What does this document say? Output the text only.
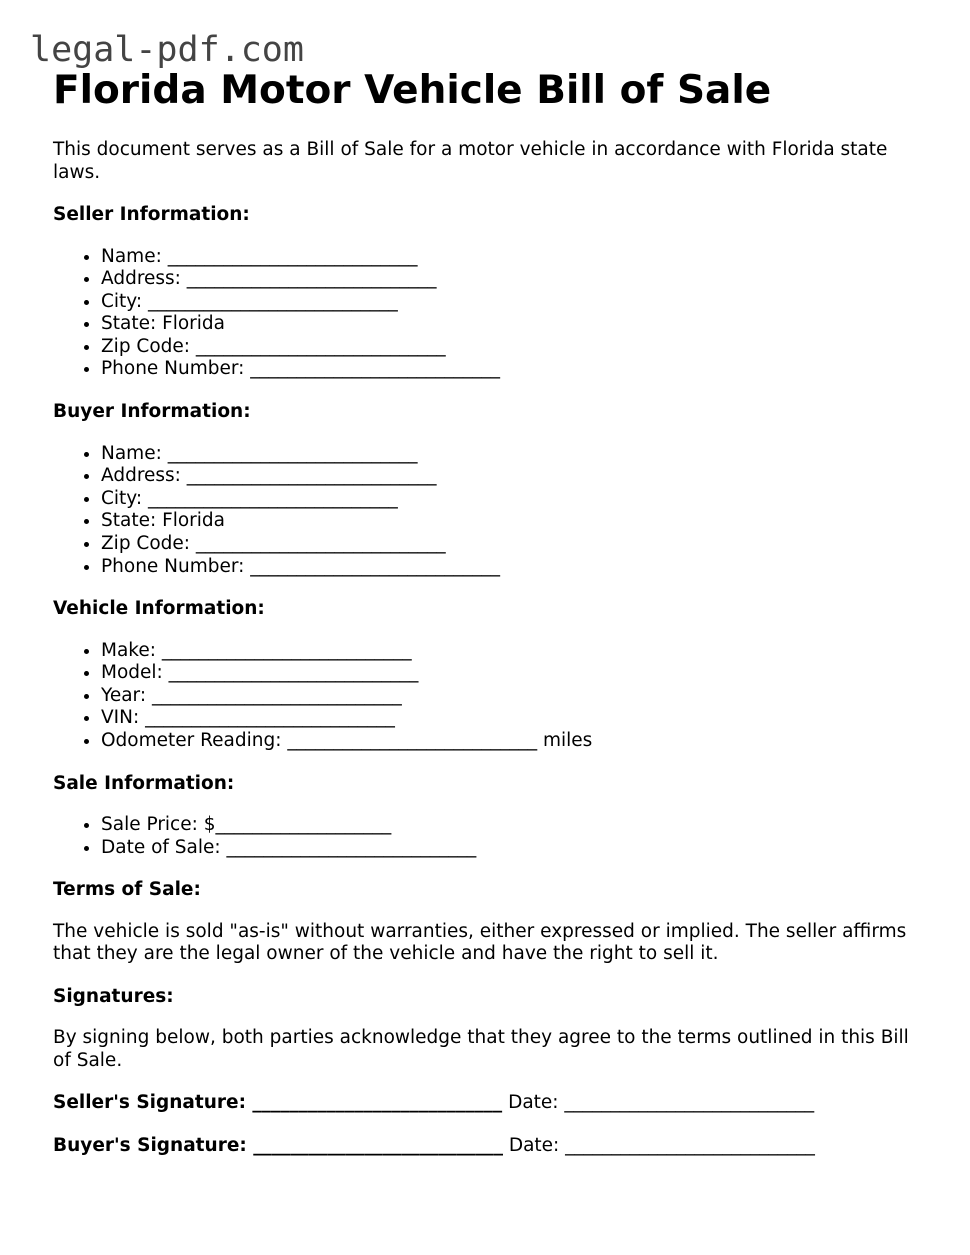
legal-pdf.com
Florida Motor Vehicle Bill of Sale

This document serves as a Bill of Sale for a motor vehicle in accordance with Florida state laws.

Seller Information:

• Name: ___________________________
• Address: ___________________________
• City: ___________________________
• State: Florida
• Zip Code: ___________________________
• Phone Number: ___________________________

Buyer Information:

• Name: ___________________________
• Address: ___________________________
• City: ___________________________
• State: Florida
• Zip Code: ___________________________
• Phone Number: ___________________________

Vehicle Information:

• Make: ___________________________
• Model: ___________________________
• Year: ___________________________
• VIN: ___________________________
• Odometer Reading: ___________________________ miles

Sale Information:

• Sale Price: $___________________
• Date of Sale: ___________________________

Terms of Sale:

The vehicle is sold "as-is" without warranties, either expressed or implied. The seller affirms that they are the legal owner of the vehicle and have the right to sell it.

Signatures:

By signing below, both parties acknowledge that they agree to the terms outlined in this Bill of Sale.

Seller's Signature: ___________________________ Date: ___________________________

Buyer's Signature: ___________________________ Date: ___________________________
